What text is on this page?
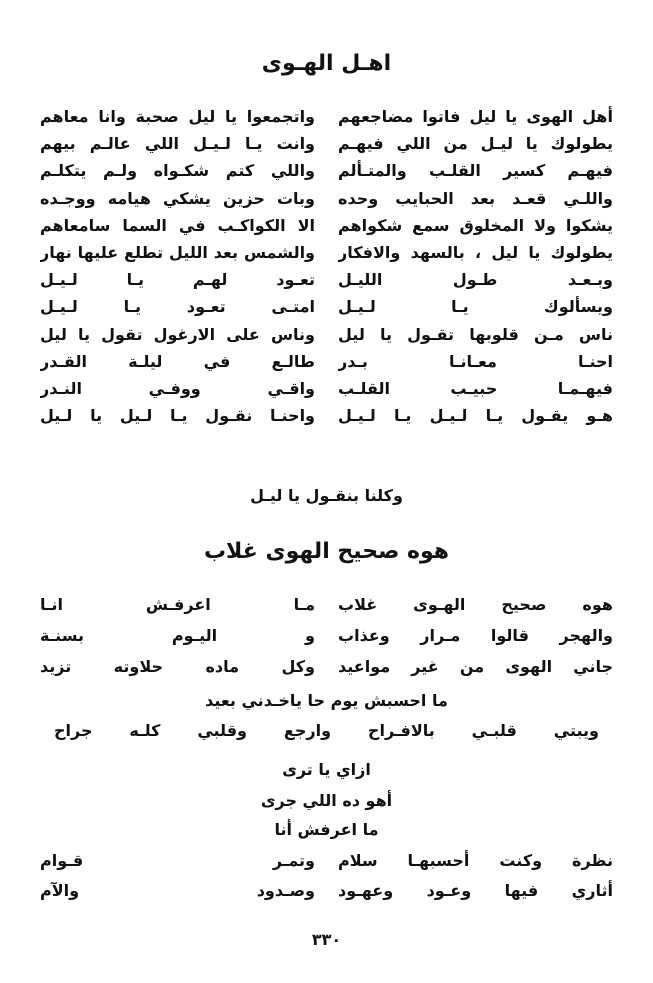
ا	ا
اهـل الهـوى
أهل الهوى يا ليل فاتوا مضاجعهم
واتجمعوا يا ليل صحبة وانا معاهم
يطولوك يا ليـل من اللي فيهـم
وانت يـا لـيـل اللي عالـم بيهم
فيهـم كسير القلـب والمتـألم
واللي كتم شكـواه ولـم يتكلـم
واللـي قعـد بعد الحبايب وحده
وبات حزين يشكي هيامه ووجـده
يشكوا ولا المخلوق سمع شكواهم
الا الكواكـب في السما سامعاهم
يطولوك يا ليل ، بالسهد والافكار
والشمس بعد الليل تطلع عليها نهار
وبـعـد طـول الليـل
تعـود لهـم يـا لـيـل
ويسألوك يـا لـيـل
امتـى تعـود يـا لـيـل
ناس مـن قلوبها تقـول يا ليل
وناس على الارغول تقول يا ليل
احنـا معـانـا بـدر
طالـع في ليلـة القـدر
فيهـمـا حبيـب القلـب
واقـي ووفـي النـدر
هـو يقـول يـا لـيـل يـا لـيـل
واحنـا نقـول يـا لـيل يا لـيل
وكلنا بنقـول يا ليـل
هوه صحيح الهوى غلاب
هوه صحيح الهـوى غلاب
مـا اعرفـش انـا
والهجر قالوا مـرار وعذاب
و اليـوم بسنـة
جاني الهوى من غير مواعيد
وكل ماده حلاوته تزيد
ما احسبش يوم حا ياخـدني بعيد
ويبتي قلبـي بالافـراح وارجع وقلبي كلـه جراح
ازاي يا ترى
أهو ده اللي جرى
ما اعرفش أنا
نظرة وكنت أحسبهـا سلام
وتمـر قـوام
أثاري فيها وعـود وعهـود
وصـدود والآم
٣٣٠
